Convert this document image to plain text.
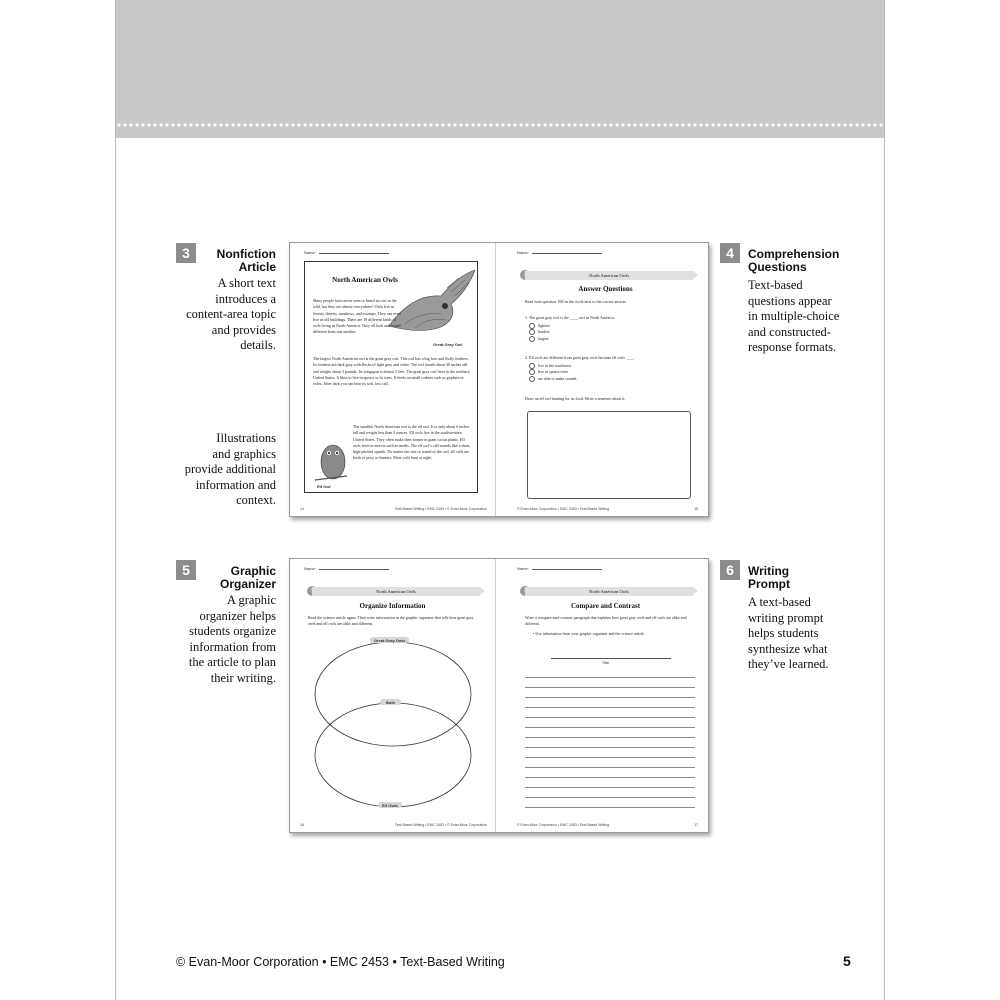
3	Nonfiction
Article
A short text
introduces a
content-area topic
and provides
details.
Illustrations
and graphics
provide additional
information and
context.
4	Comprehension
Questions
Text-based
questions appear
in multiple-choice
and constructed-
response formats.
5	Graphic
Organizer
A graphic
organizer helps
students organize
information from
the article to plan
their writing.
6	Writing
Prompt
A text-based
writing prompt
helps students
synthesize what
they’ve learned.
Name:
North American Owls
Great Gray Owl
Many people have never seen or heard an owl in the wild, but they are almost everywhere! Owls live in forests, deserts, meadows, and swamps. They can even live in old buildings. There are 19 different kinds of owls living in North America. They all look and sound different from one another.
The largest North American owl is the great gray owl. This owl has a big face and fluffy feathers. Its feathers are dark gray with flecks of light gray and white. The owl stands about 30 inches tall and weighs about 3 pounds. Its wingspan is almost 5 feet. The great gray owl lives in the northern United States. It likes to live in spruce or fir trees. It feeds on small rodents such as gophers or voles. After dark you can hear its soft, low call.
The smallest North American owl is the elf owl. It is only about 6 inches tall and weighs less than 2 ounces. Elf owls live in the southwestern United States. They often make their homes in giant cactus plants. Elf owls feed on insects such as moths. The elf owl’s call sounds like a short, high-pitched squeak. No matter the size or sound of the owl, all owls are birds of prey, or hunters. Most owls hunt at night.
Elf Owl
14	Text-Based Writing • EMC 2453 • © Evan-Moor Corporation
Name:
North American Owls
Answer Questions
Read each question. Fill in the circle next to the correct answer.
1. The great gray owl is the ____ owl in North America.
lightest
loudest
largest
2. Elf owls are different from great gray owls because elf owls ____.
live in the southwest
live in spruce trees
are able to make sounds
Draw an elf owl hunting for its food. Write a sentence about it.
© Evan-Moor Corporation • EMC 2453 • Text-Based Writing	15
Name:
North American Owls
Organize Information
Read the science article again. Then write information in the graphic organizer that tells how great gray owls and elf owls are alike and different.
Great Gray Owls
Both
Elf Owls
16	Text-Based Writing • EMC 2453 • © Evan-Moor Corporation
Name:
North American Owls
Compare and Contrast
Write a compare-and-contrast paragraph that explains how great gray owls and elf owls are alike and different.
• Use information from your graphic organizer and the science article.
Title
© Evan-Moor Corporation • EMC 2453 • Text-Based Writing	17
© Evan-Moor Corporation • EMC 2453 • Text-Based Writing	5
